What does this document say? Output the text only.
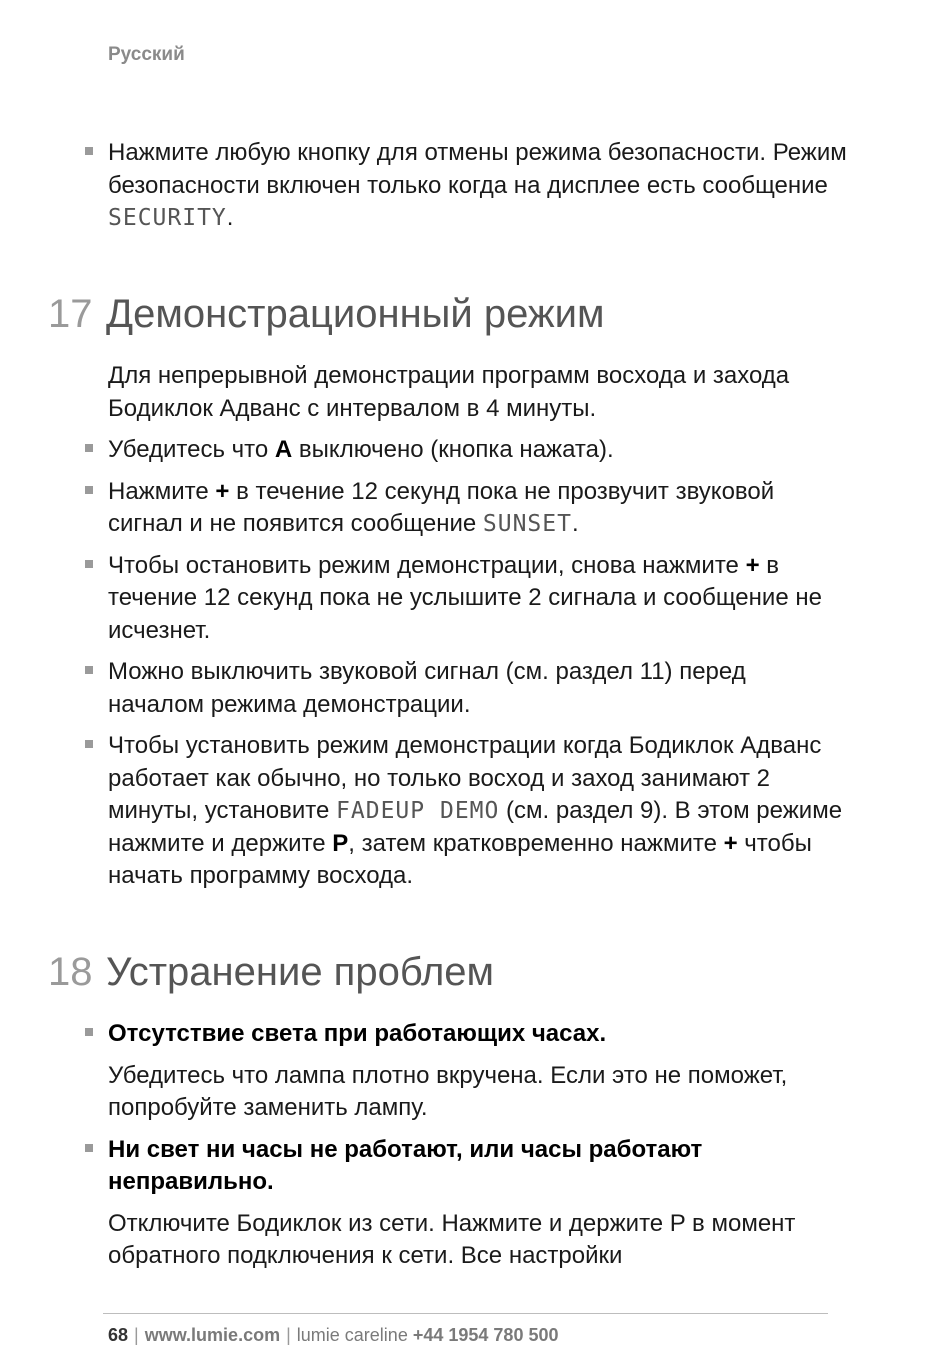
Русский
Нажмите любую кнопку для отмены режима безопасности. Режим безопасности включен только когда на дисплее есть сообщение SECURITY.
17 Демонстрационный режим
Для непрерывной демонстрации программ восхода и захода Бодиклок Адванс с интервалом в 4 минуты.
Убедитесь что A выключено (кнопка нажата).
Нажмите + в течение 12 секунд пока не прозвучит звуковой сигнал и не появится сообщение SUNSET.
Чтобы остановить режим демонстрации, снова нажмите + в течение 12 секунд пока не услышите 2 сигнала и сообщение не исчезнет.
Можно выключить звуковой сигнал (см. раздел 11) перед началом режима демонстрации.
Чтобы установить режим демонстрации когда Бодиклок Адванс работает как обычно, но только восход и заход занимают 2 минуты, установите FADEUP DEMO (см. раздел 9). В этом режиме нажмите и держите P, затем кратковременно нажмите + чтобы начать программу восхода.
18 Устранение проблем
Отсутствие света при работающих часах.
Убедитесь что лампа плотно вкручена. Если это не поможет, попробуйте заменить лампу.
Ни свет ни часы не работают, или часы работают неправильно.
Отключите Бодиклок из сети. Нажмите и держите P в момент обратного подключения к сети. Все настройки
68 | www.lumie.com | lumie careline +44 1954 780 500
